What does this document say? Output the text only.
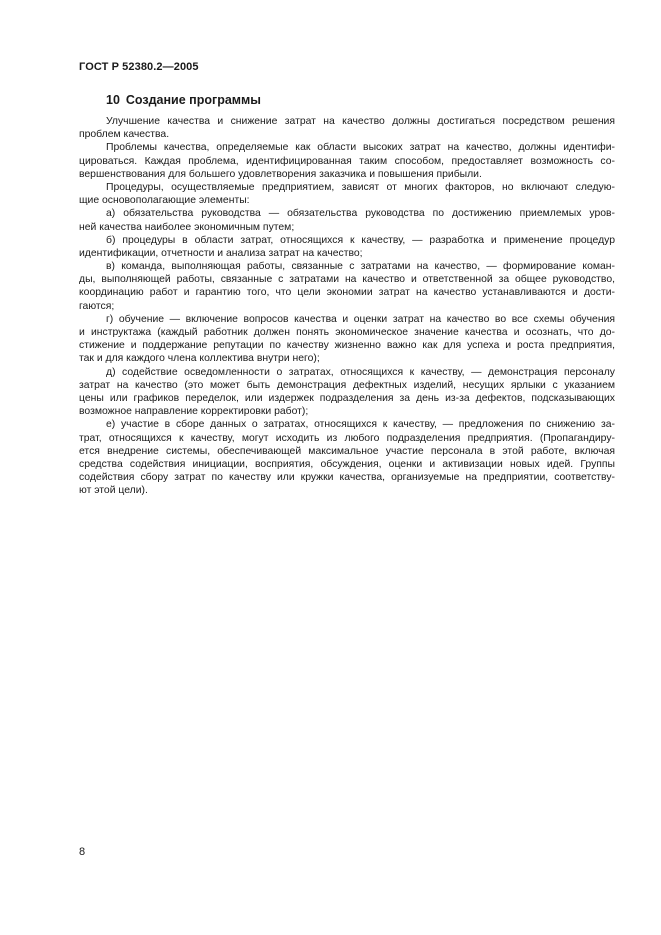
ГОСТ Р 52380.2—2005
10 Создание программы
Улучшение качества и снижение затрат на качество должны достигаться посредством решения
проблем качества.
Проблемы качества, определяемые как области высоких затрат на качество, должны идентифи-
цироваться. Каждая проблема, идентифицированная таким способом, предоставляет возможность со-
вершенствования для большего удовлетворения заказчика и повышения прибыли.
Процедуры, осуществляемые предприятием, зависят от многих факторов, но включают следую-
щие основополагающие элементы:
а) обязательства руководства — обязательства руководства по достижению приемлемых уров-
ней качества наиболее экономичным путем;
б) процедуры в области затрат, относящихся к качеству, — разработка и применение процедур
идентификации, отчетности и анализа затрат на качество;
в) команда, выполняющая работы, связанные с затратами на качество, — формирование коман-
ды, выполняющей работы, связанные с затратами на качество и ответственной за общее руководство,
координацию работ и гарантию того, что цели экономии затрат на качество устанавливаются и дости-
гаются;
г) обучение — включение вопросов качества и оценки затрат на качество во все схемы обучения
и инструктажа (каждый работник должен понять экономическое значение качества и осознать, что до-
стижение и поддержание репутации по качеству жизненно важно как для успеха и роста предприятия,
так и для каждого члена коллектива внутри него);
д) содействие осведомленности о затратах, относящихся к качеству, — демонстрация персоналу
затрат на качество (это может быть демонстрация дефектных изделий, несущих ярлыки с указанием
цены или графиков переделок, или издержек подразделения за день из-за дефектов, подсказывающих
возможное направление корректировки работ);
е) участие в сборе данных о затратах, относящихся к качеству, — предложения по снижению за-
трат, относящихся к качеству, могут исходить из любого подразделения предприятия. (Пропагандиру-
ется внедрение системы, обеспечивающей максимальное участие персонала в этой работе, включая
средства содействия инициации, восприятия, обсуждения, оценки и активизации новых идей. Группы
содействия сбору затрат по качеству или кружки качества, организуемые на предприятии, соответству-
ют этой цели).
8
